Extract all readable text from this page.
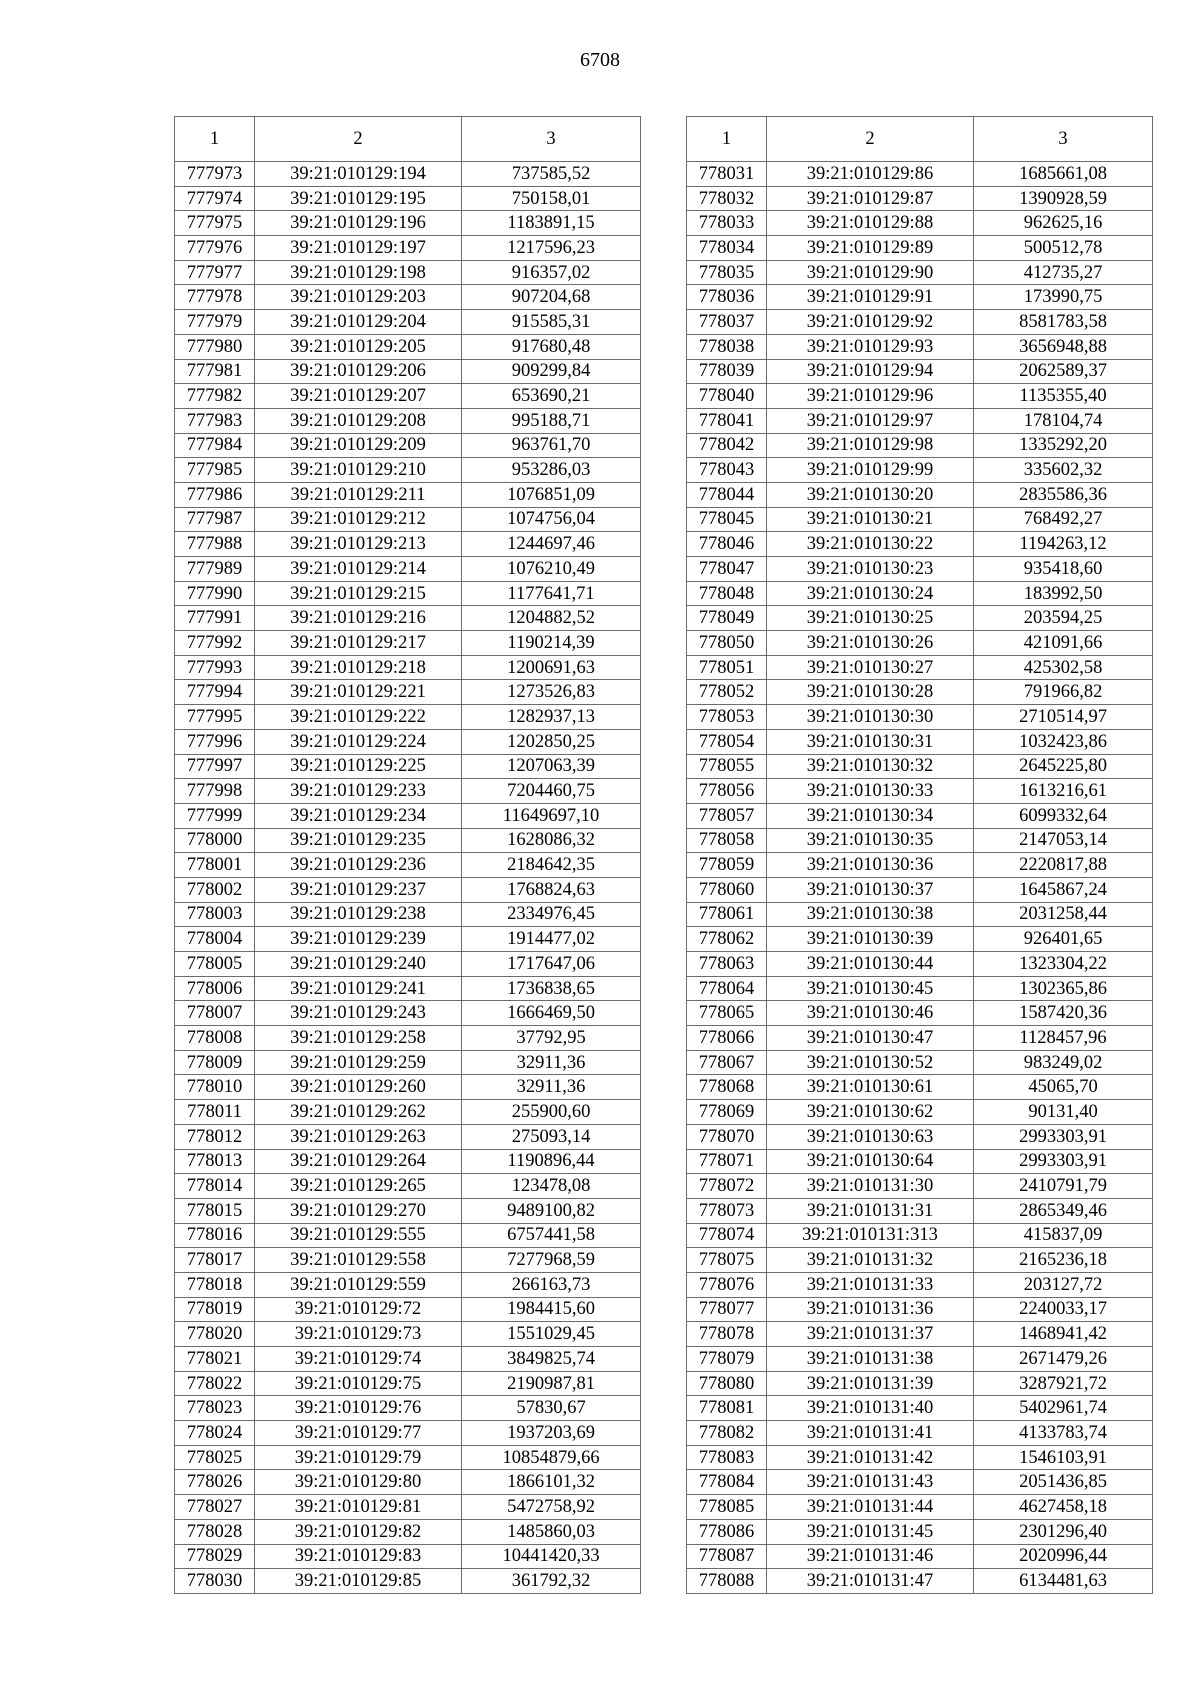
6708
1	2	3
777973	39:21:010129:194	737585,52
777974	39:21:010129:195	750158,01
777975	39:21:010129:196	1183891,15
777976	39:21:010129:197	1217596,23
777977	39:21:010129:198	916357,02
777978	39:21:010129:203	907204,68
777979	39:21:010129:204	915585,31
777980	39:21:010129:205	917680,48
777981	39:21:010129:206	909299,84
777982	39:21:010129:207	653690,21
777983	39:21:010129:208	995188,71
777984	39:21:010129:209	963761,70
777985	39:21:010129:210	953286,03
777986	39:21:010129:211	1076851,09
777987	39:21:010129:212	1074756,04
777988	39:21:010129:213	1244697,46
777989	39:21:010129:214	1076210,49
777990	39:21:010129:215	1177641,71
777991	39:21:010129:216	1204882,52
777992	39:21:010129:217	1190214,39
777993	39:21:010129:218	1200691,63
777994	39:21:010129:221	1273526,83
777995	39:21:010129:222	1282937,13
777996	39:21:010129:224	1202850,25
777997	39:21:010129:225	1207063,39
777998	39:21:010129:233	7204460,75
777999	39:21:010129:234	11649697,10
778000	39:21:010129:235	1628086,32
778001	39:21:010129:236	2184642,35
778002	39:21:010129:237	1768824,63
778003	39:21:010129:238	2334976,45
778004	39:21:010129:239	1914477,02
778005	39:21:010129:240	1717647,06
778006	39:21:010129:241	1736838,65
778007	39:21:010129:243	1666469,50
778008	39:21:010129:258	37792,95
778009	39:21:010129:259	32911,36
778010	39:21:010129:260	32911,36
778011	39:21:010129:262	255900,60
778012	39:21:010129:263	275093,14
778013	39:21:010129:264	1190896,44
778014	39:21:010129:265	123478,08
778015	39:21:010129:270	9489100,82
778016	39:21:010129:555	6757441,58
778017	39:21:010129:558	7277968,59
778018	39:21:010129:559	266163,73
778019	39:21:010129:72	1984415,60
778020	39:21:010129:73	1551029,45
778021	39:21:010129:74	3849825,74
778022	39:21:010129:75	2190987,81
778023	39:21:010129:76	57830,67
778024	39:21:010129:77	1937203,69
778025	39:21:010129:79	10854879,66
778026	39:21:010129:80	1866101,32
778027	39:21:010129:81	5472758,92
778028	39:21:010129:82	1485860,03
778029	39:21:010129:83	10441420,33
778030	39:21:010129:85	361792,32
1	2	3
778031	39:21:010129:86	1685661,08
778032	39:21:010129:87	1390928,59
778033	39:21:010129:88	962625,16
778034	39:21:010129:89	500512,78
778035	39:21:010129:90	412735,27
778036	39:21:010129:91	173990,75
778037	39:21:010129:92	8581783,58
778038	39:21:010129:93	3656948,88
778039	39:21:010129:94	2062589,37
778040	39:21:010129:96	1135355,40
778041	39:21:010129:97	178104,74
778042	39:21:010129:98	1335292,20
778043	39:21:010129:99	335602,32
778044	39:21:010130:20	2835586,36
778045	39:21:010130:21	768492,27
778046	39:21:010130:22	1194263,12
778047	39:21:010130:23	935418,60
778048	39:21:010130:24	183992,50
778049	39:21:010130:25	203594,25
778050	39:21:010130:26	421091,66
778051	39:21:010130:27	425302,58
778052	39:21:010130:28	791966,82
778053	39:21:010130:30	2710514,97
778054	39:21:010130:31	1032423,86
778055	39:21:010130:32	2645225,80
778056	39:21:010130:33	1613216,61
778057	39:21:010130:34	6099332,64
778058	39:21:010130:35	2147053,14
778059	39:21:010130:36	2220817,88
778060	39:21:010130:37	1645867,24
778061	39:21:010130:38	2031258,44
778062	39:21:010130:39	926401,65
778063	39:21:010130:44	1323304,22
778064	39:21:010130:45	1302365,86
778065	39:21:010130:46	1587420,36
778066	39:21:010130:47	1128457,96
778067	39:21:010130:52	983249,02
778068	39:21:010130:61	45065,70
778069	39:21:010130:62	90131,40
778070	39:21:010130:63	2993303,91
778071	39:21:010130:64	2993303,91
778072	39:21:010131:30	2410791,79
778073	39:21:010131:31	2865349,46
778074	39:21:010131:313	415837,09
778075	39:21:010131:32	2165236,18
778076	39:21:010131:33	203127,72
778077	39:21:010131:36	2240033,17
778078	39:21:010131:37	1468941,42
778079	39:21:010131:38	2671479,26
778080	39:21:010131:39	3287921,72
778081	39:21:010131:40	5402961,74
778082	39:21:010131:41	4133783,74
778083	39:21:010131:42	1546103,91
778084	39:21:010131:43	2051436,85
778085	39:21:010131:44	4627458,18
778086	39:21:010131:45	2301296,40
778087	39:21:010131:46	2020996,44
778088	39:21:010131:47	6134481,63
